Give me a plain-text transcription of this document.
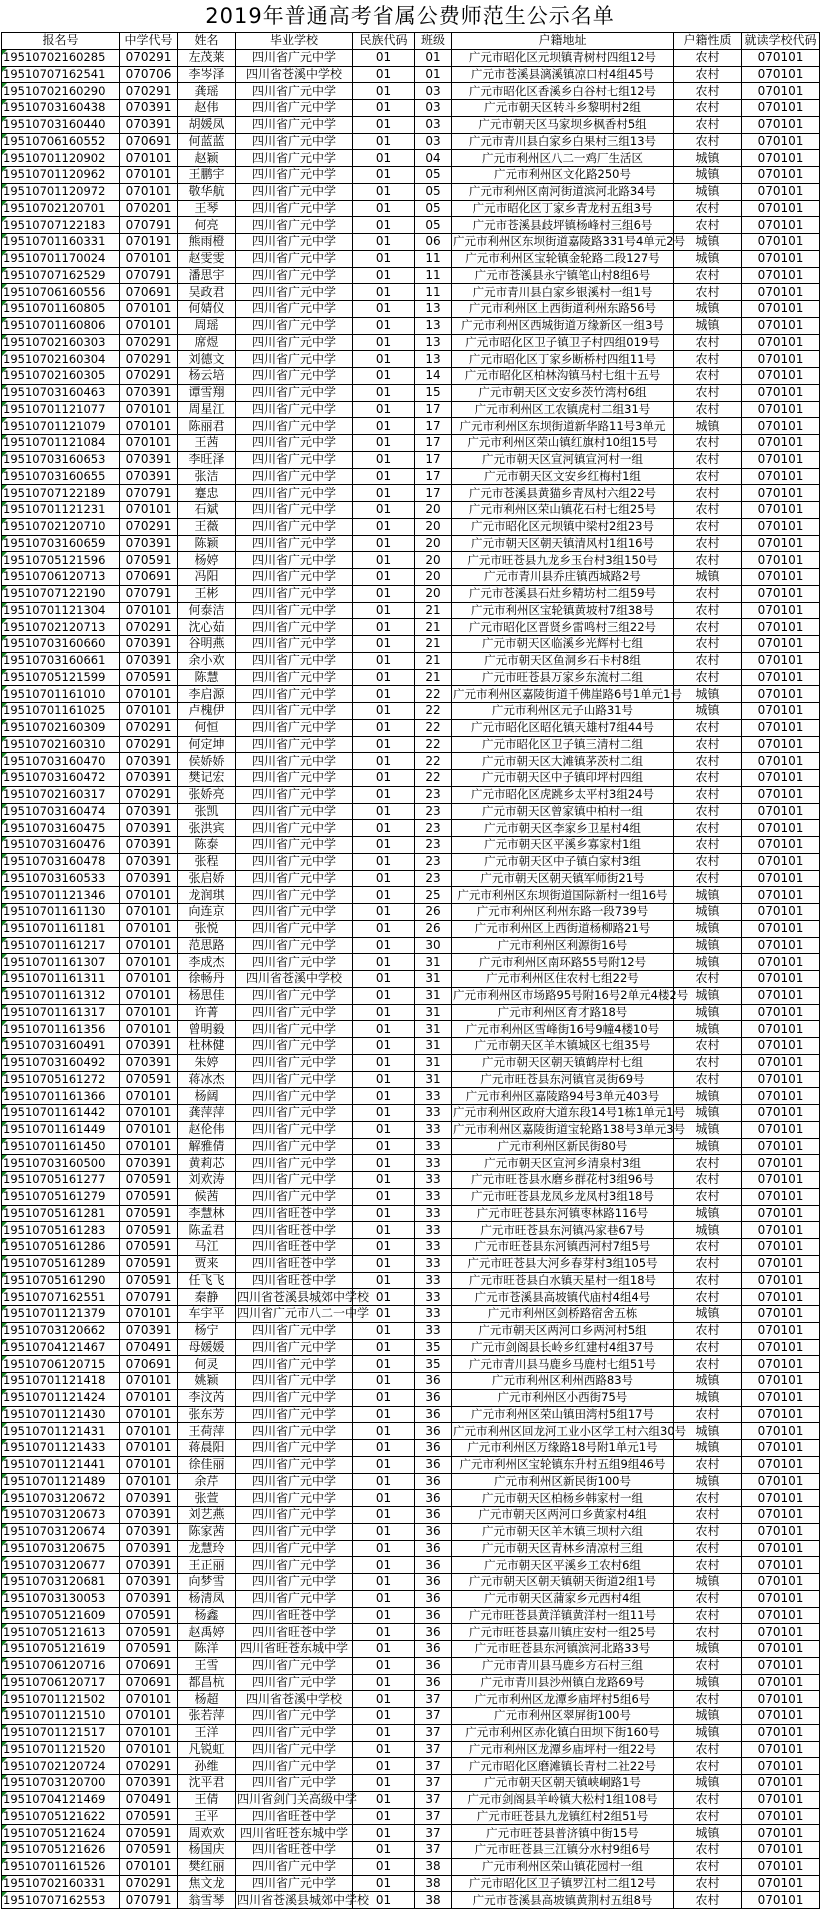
2019年普通高考省属公费师范生公示名单
报名号	中学代号	姓名	毕业学校	民族代码	班级	户籍地址	户籍性质	就读学校代码
19510702160285	070291	左茂莱	四川省广元中学	01	01	广元市昭化区元坝镇青树村四组12号	农村	070101
19510707162541	070706	李岑泽	四川省苍溪中学校	01	01	广元市苍溪县漓溪镇凉口村4组45号	农村	070101
19510702160290	070291	龚瑶	四川省广元中学	01	03	广元市昭化区香溪乡白谷村七组12号	农村	070101
19510703160438	070391	赵伟	四川省广元中学	01	03	广元市朝天区转斗乡黎明村2组	农村	070101
19510703160440	070391	胡媛凤	四川省广元中学	01	03	广元市朝天区马家坝乡枫香村5组	农村	070101
19510706160552	070691	何蓝蓝	四川省广元中学	01	03	广元市青川县白家乡白果村三组13号	农村	070101
19510701120902	070101	赵颖	四川省广元中学	01	04	广元市利州区八二一鸡厂生活区	城镇	070101
19510701120962	070101	王鹏宇	四川省广元中学	01	05	广元市利州区文化路250号	城镇	070101
19510701120972	070101	敬华航	四川省广元中学	01	05	广元市利州区南河街道滨河北路34号	城镇	070101
19510702120701	070201	王琴	四川省广元中学	01	05	广元市昭化区丁家乡青龙村五组3号	农村	070101
19510707122183	070791	何亮	四川省广元中学	01	05	广元市苍溪县歧坪镇杨峰村三组6号	农村	070101
19510701160331	070191	熊雨橙	四川省广元中学	01	06	广元市利州区东坝街道嘉陵路331号4单元2号	城镇	070101
19510701170024	070101	赵雯雯	四川省广元中学	01	11	广元市利州区宝轮镇金轮路二段127号	城镇	070101
19510707162529	070791	潘思宇	四川省广元中学	01	11	广元市苍溪县永宁镇笔山村8组6号	农村	070101
19510706160556	070691	吴政君	四川省广元中学	01	11	广元市青川县白家乡银溪村一组1号	农村	070101
19510701160805	070101	何婧仪	四川省广元中学	01	13	广元市利州区上西街道利州东路56号	城镇	070101
19510701160806	070101	周瑶	四川省广元中学	01	13	广元市利州区西城街道万缘新区一组3号	城镇	070101
19510702160303	070291	席煜	四川省广元中学	01	13	广元市昭化区卫子镇卫子村四组019号	农村	070101
19510702160304	070291	刘德文	四川省广元中学	01	13	广元市昭化区丁家乡断桥村四组11号	农村	070101
19510702160305	070291	杨云培	四川省广元中学	01	14	广元市昭化区柏林沟镇马村七组十五号	农村	070101
19510703160463	070391	谭雪翔	四川省广元中学	01	15	广元市朝天区文安乡茨竹湾村6组	农村	070101
19510701121077	070101	周星江	四川省广元中学	01	17	广元市利州区工农镇虎村二组31号	农村	070101
19510701121079	070101	陈丽君	四川省广元中学	01	17	广元市利州区东坝街道新华路11号3单元	城镇	070101
19510701121084	070101	王茜	四川省广元中学	01	17	广元市利州区荣山镇红旗村10组15号	农村	070101
19510703160653	070391	李旺泽	四川省广元中学	01	17	广元市朝天区宣河镇宣河村一组	农村	070101
19510703160655	070391	张洁	四川省广元中学	01	17	广元市朝天区文安乡红梅村1组	农村	070101
19510707122189	070791	蹇忠	四川省广元中学	01	17	广元市苍溪县黄猫乡青凤村六组22号	农村	070101
19510701121231	070101	石斌	四川省广元中学	01	20	广元市利州区荣山镇花石村七组25号	农村	070101
19510702120710	070291	王薇	四川省广元中学	01	20	广元市昭化区元坝镇中梁村2组23号	农村	070101
19510703160659	070391	陈颖	四川省广元中学	01	20	广元市朝天区朝天镇清风村1组16号	农村	070101
19510705121596	070591	杨婷	四川省广元中学	01	20	广元市旺苍县九龙乡玉台村3组150号	农村	070101
19510706120713	070691	冯阳	四川省广元中学	01	20	广元市青川县乔庄镇西城路2号	城镇	070101
19510707122190	070791	王彬	四川省广元中学	01	20	广元市苍溪县石灶乡精坊村二组59号	农村	070101
19510701121304	070101	何泰洁	四川省广元中学	01	21	广元市利州区宝轮镇黄坡村7组38号	农村	070101
19510702120713	070291	沈心茹	四川省广元中学	01	21	广元市昭化区晋贤乡雷鸣村三组22号	农村	070101
19510703160660	070391	谷明燕	四川省广元中学	01	21	广元市朝天区临溪乡光辉村七组	农村	070101
19510703160661	070391	余小欢	四川省广元中学	01	21	广元市朝天区鱼洞乡石卡村8组	农村	070101
19510705121599	070591	陈慧	四川省广元中学	01	21	广元市旺苍县万家乡东流村二组	农村	070101
19510701161010	070101	李启源	四川省广元中学	01	22	广元市利州区嘉陵街道千佛崖路6号1单元1号	城镇	070101
19510701161025	070101	卢槐伊	四川省广元中学	01	22	广元市利州区元子山路31号	城镇	070101
19510702160309	070291	何恒	四川省广元中学	01	22	广元市昭化区昭化镇天雄村7组44号	农村	070101
19510702160310	070291	何定坤	四川省广元中学	01	22	广元市昭化区卫子镇三清村二组	农村	070101
19510703160470	070391	侯娇娇	四川省广元中学	01	22	广元市朝天区大滩镇茅茨村二组	农村	070101
19510703160472	070391	樊记宏	四川省广元中学	01	22	广元市朝天区中子镇印坪村四组	农村	070101
19510702160317	070291	张娇亮	四川省广元中学	01	23	广元市昭化区虎跳乡太平村3组24号	农村	070101
19510703160474	070391	张凯	四川省广元中学	01	23	广元市朝天区曾家镇中柏村一组	农村	070101
19510703160475	070391	张洪宾	四川省广元中学	01	23	广元市朝天区李家乡卫星村4组	农村	070101
19510703160476	070391	陈泰	四川省广元中学	01	23	广元市朝天区平溪乡寡家村1组	农村	070101
19510703160478	070391	张程	四川省广元中学	01	23	广元市朝天区中子镇白家村3组	农村	070101
19510703160533	070391	张启娇	四川省广元中学	01	23	广元市朝天区朝天镇军师街21号	农村	070101
19510701121346	070101	龙润琪	四川省广元中学	01	25	广元市利州区东坝街道国际新村一组16号	城镇	070101
19510701161130	070101	向连京	四川省广元中学	01	26	广元市利州区利州东路一段739号	城镇	070101
19510701161181	070101	张悦	四川省广元中学	01	26	广元市利州区上西街道杨柳路21号	城镇	070101
19510701161217	070101	范思路	四川省广元中学	01	30	广元市利州区利源街16号	城镇	070101
19510701161307	070101	李成杰	四川省广元中学	01	31	广元市利州区南环路55号附12号	城镇	070101
19510701161311	070101	徐畅丹	四川省苍溪中学校	01	31	广元市利州区住农村七组22号	农村	070101
19510701161312	070101	杨思佳	四川省广元中学	01	31	广元市利州区市场路95号附16号2单元4楼2号	城镇	070101
19510701161317	070101	许菁	四川省广元中学	01	31	广元市利州区育才路18号	城镇	070101
19510701161356	070101	曾明毅	四川省广元中学	01	31	广元市利州区雪峰街16号9幢4楼10号	城镇	070101
19510703160491	070391	杜林健	四川省广元中学	01	31	广元市朝天区羊木镇城区七组35号	农村	070101
19510703160492	070391	朱婷	四川省广元中学	01	31	广元市朝天区朝天镇鹤岸村七组	农村	070101
19510705161272	070591	蒋冰杰	四川省广元中学	01	31	广元市旺苍县东河镇官灵街69号	农村	070101
19510701161366	070101	杨阔	四川省广元中学	01	33	广元市利州区嘉陵路94号3单元403号	城镇	070101
19510701161442	070101	龚萍萍	四川省广元中学	01	33	广元市利州区政府大道东段14号1栋1单元1号	城镇	070101
19510701161449	070101	赵伦伟	四川省广元中学	01	33	广元市利州区嘉陵街道宝轮路138号3单元3号	城镇	070101
19510701161450	070101	解雅倩	四川省广元中学	01	33	广元市利州区新民街80号	城镇	070101
19510703160500	070391	黄莉芯	四川省广元中学	01	33	广元市朝天区宣河乡清泉村3组	农村	070101
19510705161277	070591	刘欢涛	四川省广元中学	01	33	广元市旺苍县水磨乡群花村3组96号	农村	070101
19510705161279	070591	候茜	四川省广元中学	01	33	广元市旺苍县龙凤乡龙凤村3组18号	农村	070101
19510705161281	070591	李慧林	四川省旺苍中学	01	33	广元市旺苍县东河镇枣林路116号	城镇	070101
19510705161283	070591	陈孟君	四川省旺苍中学	01	33	广元市旺苍县东河镇冯家巷67号	城镇	070101
19510705161286	070591	马江	四川省旺苍中学	01	33	广元市旺苍县东河镇西河村7组5号	农村	070101
19510705161289	070591	贾来	四川省旺苍中学	01	33	广元市旺苍县大河乡春芽村3组105号	农村	070101
19510705161290	070591	任飞飞	四川省旺苍中学	01	33	广元市旺苍县白水镇天星村一组18号	农村	070101
19510707162551	070791	秦静	四川省苍溪县城郊中学校	01	33	广元市苍溪县高坡镇代庙村4组4号	农村	070101
19510701121379	070101	车宇平	四川省广元市八二一中学	01	33	广元市利州区剑桥路宿舍五栋	城镇	070101
19510703120662	070391	杨宁	四川省广元中学	01	33	广元市朝天区两河口乡两河村5组	农村	070101
19510704121467	070491	母媛媛	四川省广元中学	01	35	广元市剑阁县长岭乡红建村4组37号	农村	070101
19510706120715	070691	何灵	四川省广元中学	01	35	广元市青川县马鹿乡马鹿村七组51号	农村	070101
19510701121418	070101	姚颖	四川省广元中学	01	36	广元市利州区利州西路83号	城镇	070101
19510701121424	070101	李汶芮	四川省广元中学	01	36	广元市利州区小西街75号	城镇	070101
19510701121430	070101	张东芳	四川省广元中学	01	36	广元市利州区荣山镇田湾村5组17号	农村	070101
19510701121431	070101	王荷萍	四川省广元中学	01	36	广元市利州区回龙河工业小区学工村六组30号	城镇	070101
19510701121433	070101	蒋晨阳	四川省广元中学	01	36	广元市利州区万缘路18号附1单元1号	城镇	070101
19510701121441	070101	徐佳丽	四川省广元中学	01	36	广元市利州区宝轮镇东升村五组9组46号	农村	070101
19510701121489	070101	余芹	四川省广元中学	01	36	广元市利州区新民街100号	城镇	070101
19510703120672	070391	张萱	四川省广元中学	01	36	广元市朝天区柏杨乡韩家村一组	农村	070101
19510703120673	070391	刘艺燕	四川省广元中学	01	36	广元市朝天区两河口乡黄家村4组	农村	070101
19510703120674	070391	陈家茜	四川省广元中学	01	36	广元市朝天区羊木镇三坝村六组	农村	070101
19510703120675	070391	龙慧玲	四川省广元中学	01	36	广元市朝天区青林乡清凉村三组	农村	070101
19510703120677	070391	王正丽	四川省广元中学	01	36	广元市朝天区平溪乡工农村6组	农村	070101
19510703120681	070391	向梦雪	四川省广元中学	01	36	广元市朝天区朝天镇朝天街道2组1号	城镇	070101
19510703130053	070391	杨清凤	四川省广元中学	01	36	广元市朝天区蒲家乡元西村4组	农村	070101
19510705121609	070591	杨鑫	四川省旺苍中学	01	36	广元市旺苍县黄洋镇黄洋村一组11号	农村	070101
19510705121613	070591	赵禹婷	四川省旺苍中学	01	36	广元市旺苍县嘉川镇庄安村一组25号	农村	070101
19510705121619	070591	陈洋	四川省旺苍东城中学	01	36	广元市旺苍县东河镇滨河北路33号	城镇	070101
19510706120716	070691	王雪	四川省广元中学	01	36	广元市青川县马鹿乡方石村三组	农村	070101
19510706120717	070691	都昌杭	四川省广元中学	01	36	广元市青川县沙州镇白龙路69号	城镇	070101
19510701121502	070101	杨超	四川省苍溪中学校	01	37	广元市利州区龙潭乡庙坪村5组6号	农村	070101
19510701121510	070101	张若萍	四川省广元中学	01	37	广元市利州区翠屏街100号	城镇	070101
19510701121517	070101	王洋	四川省广元中学	01	37	广元市利州区赤化镇白田坝下街160号	城镇	070101
19510701121520	070101	凡锐虹	四川省广元中学	01	37	广元市利州区龙潭乡庙坪村一组22号	农村	070101
19510702120724	070291	孙维	四川省广元中学	01	37	广元市昭化区磨滩镇长青村二社22号	农村	070101
19510703120700	070391	沈平君	四川省广元中学	01	37	广元市朝天区朝天镇峡峒路1号	城镇	070101
19510704121469	070491	王倩	四川省剑门关高级中学	01	37	广元市剑阁县羊岭镇大松村1组108号	农村	070101
19510705121622	070591	王平	四川省旺苍中学	01	37	广元市旺苍县九龙镇红村2组51号	农村	070101
19510705121624	070591	周欢欢	四川省旺苍东城中学	01	37	广元市旺苍县普济镇中街15号	城镇	070101
19510705121626	070591	杨国庆	四川省旺苍中学	01	37	广元市旺苍县三江镇分水村9组6号	农村	070101
19510701161526	070101	樊红丽	四川省广元中学	01	38	广元市利州区荣山镇花园村一组	农村	070101
19510702160331	070291	焦文龙	四川省广元中学	01	38	广元市昭化区卫子镇罗江村二组12号	农村	070101
19510707162553	070791	翁雪琴	四川省苍溪县城郊中学校	01	38	广元市苍溪县高坡镇黄荆村五组8号	农村	070101
